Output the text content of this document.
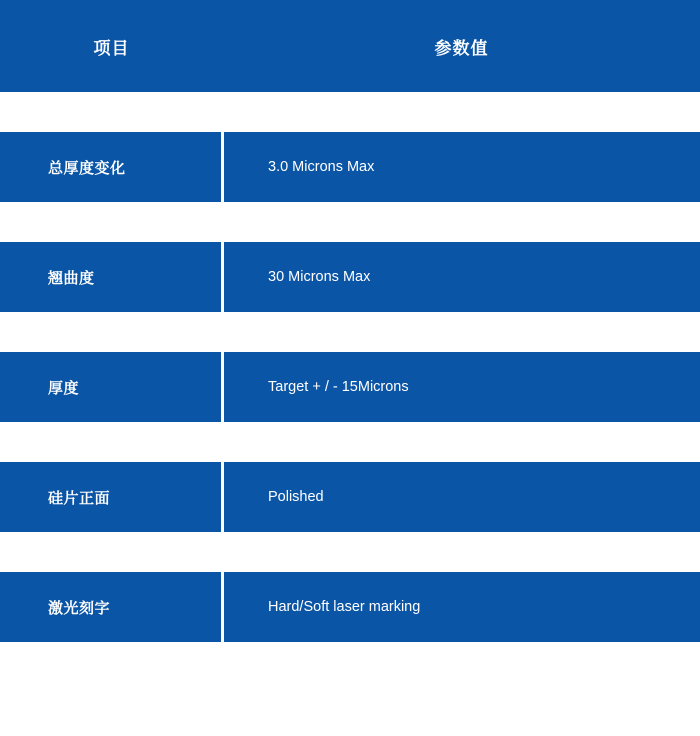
项目	参数值

总厚度变化	3.0 Microns Max

翘曲度	30 Microns Max

厚度	Target + / - 15Microns

硅片正面	Polished

激光刻字	Hard/Soft laser marking
